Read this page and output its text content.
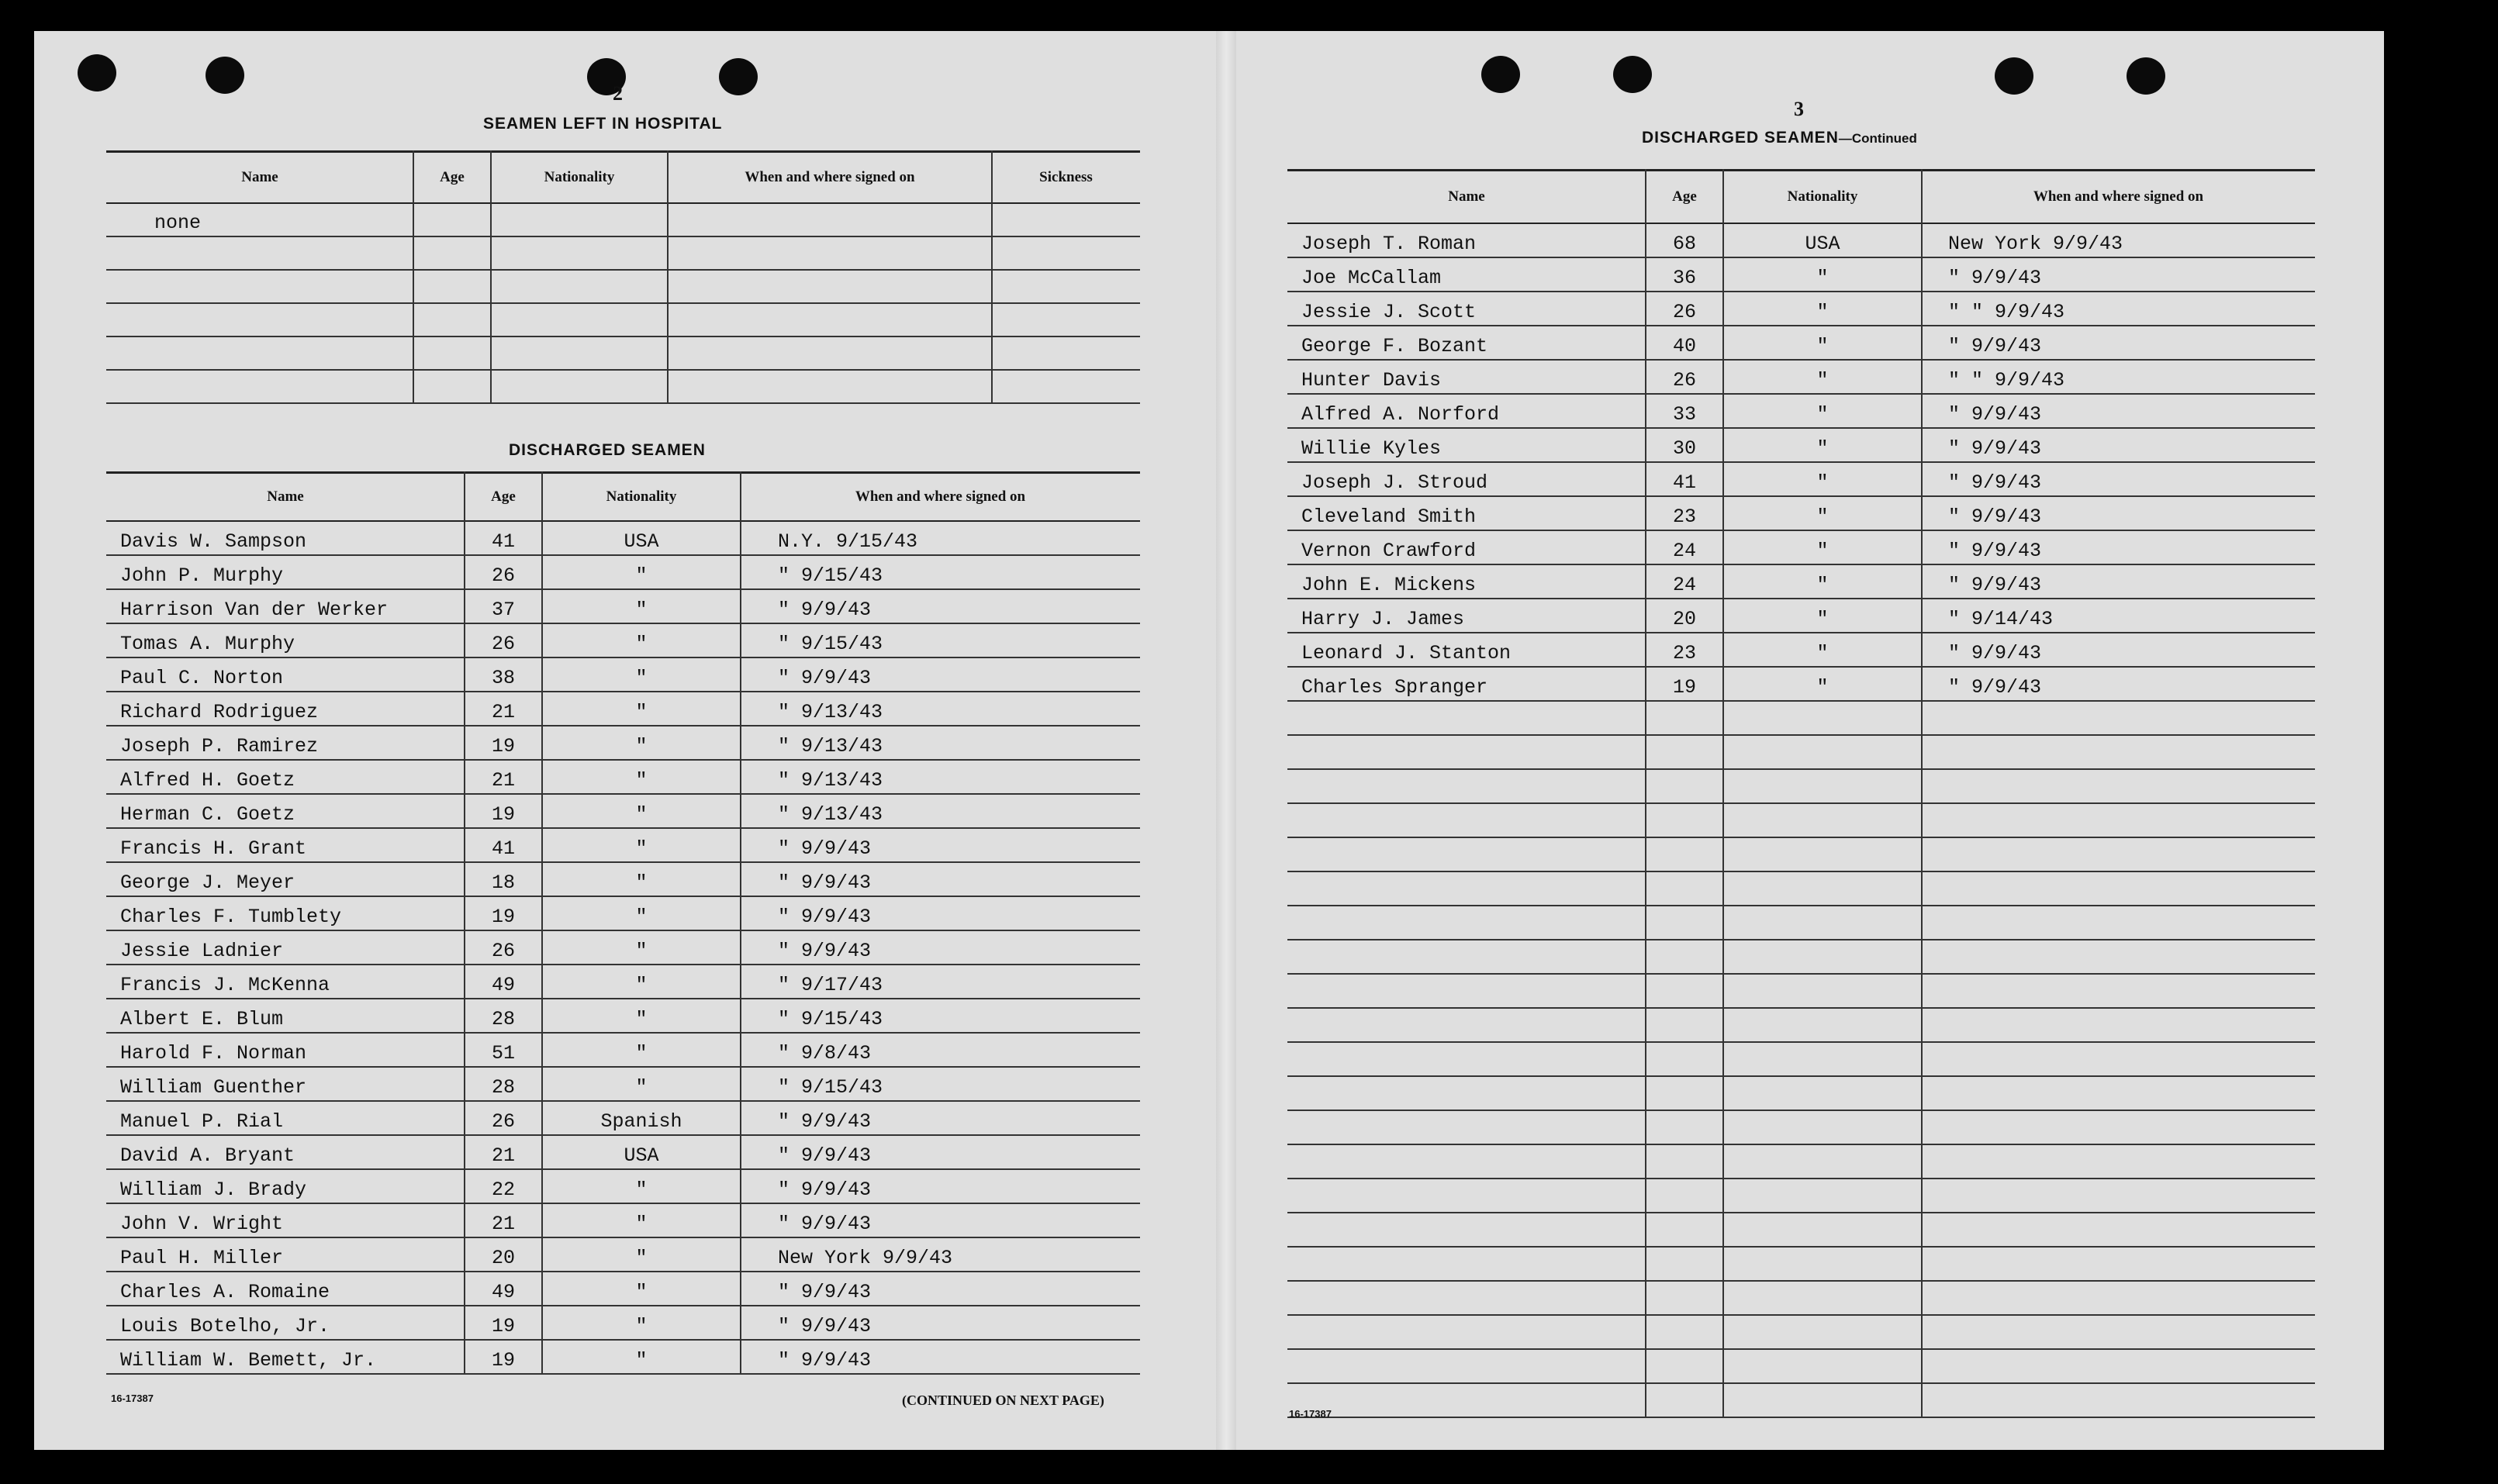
2
SEAMEN LEFT IN HOSPITAL
Name	Age	Nationality	When and where signed on	Sickness
none
DISCHARGED SEAMEN
Name	Age	Nationality	When and where signed on
Davis W. Sampson	41	USA	N.Y. 9/15/43
John P. Murphy	26	"	" 9/15/43
Harrison Van der Werker	37	"	" 9/9/43
Tomas A. Murphy	26	"	" 9/15/43
Paul C. Norton	38	"	" 9/9/43
Richard Rodriguez	21	"	" 9/13/43
Joseph P. Ramirez	19	"	" 9/13/43
Alfred H. Goetz	21	"	" 9/13/43
Herman C. Goetz	19	"	" 9/13/43
Francis H. Grant	41	"	" 9/9/43
George J. Meyer	18	"	" 9/9/43
Charles F. Tumblety	19	"	" 9/9/43
Jessie Ladnier	26	"	" 9/9/43
Francis J. McKenna	49	"	" 9/17/43
Albert E. Blum	28	"	" 9/15/43
Harold F. Norman	51	"	" 9/8/43
William Guenther	28	"	" 9/15/43
Manuel P. Rial	26	Spanish	" 9/9/43
David A. Bryant	21	USA	" 9/9/43
William J. Brady	22	"	" 9/9/43
John V. Wright	21	"	" 9/9/43
Paul H. Miller	20	"	New York 9/9/43
Charles A. Romaine	49	"	" 9/9/43
Louis Botelho, Jr.	19	"	" 9/9/43
William W. Bemett, Jr.	19	"	" 9/9/43
16-17387	(CONTINUED ON NEXT PAGE)
3
DISCHARGED SEAMEN—Continued
Name	Age	Nationality	When and where signed on
Joseph T. Roman	68	USA	New York 9/9/43
Joe McCallam	36	"	" 9/9/43
Jessie J. Scott	26	"	" " 9/9/43
George F. Bozant	40	"	" 9/9/43
Hunter Davis	26	"	" " 9/9/43
Alfred A. Norford	33	"	" 9/9/43
Willie Kyles	30	"	" 9/9/43
Joseph J. Stroud	41	"	" 9/9/43
Cleveland Smith	23	"	" 9/9/43
Vernon Crawford	24	"	" 9/9/43
John E. Mickens	24	"	" 9/9/43
Harry J. James	20	"	" 9/14/43
Leonard J. Stanton	23	"	" 9/9/43
Charles Spranger	19	"	" 9/9/43
16-17387
